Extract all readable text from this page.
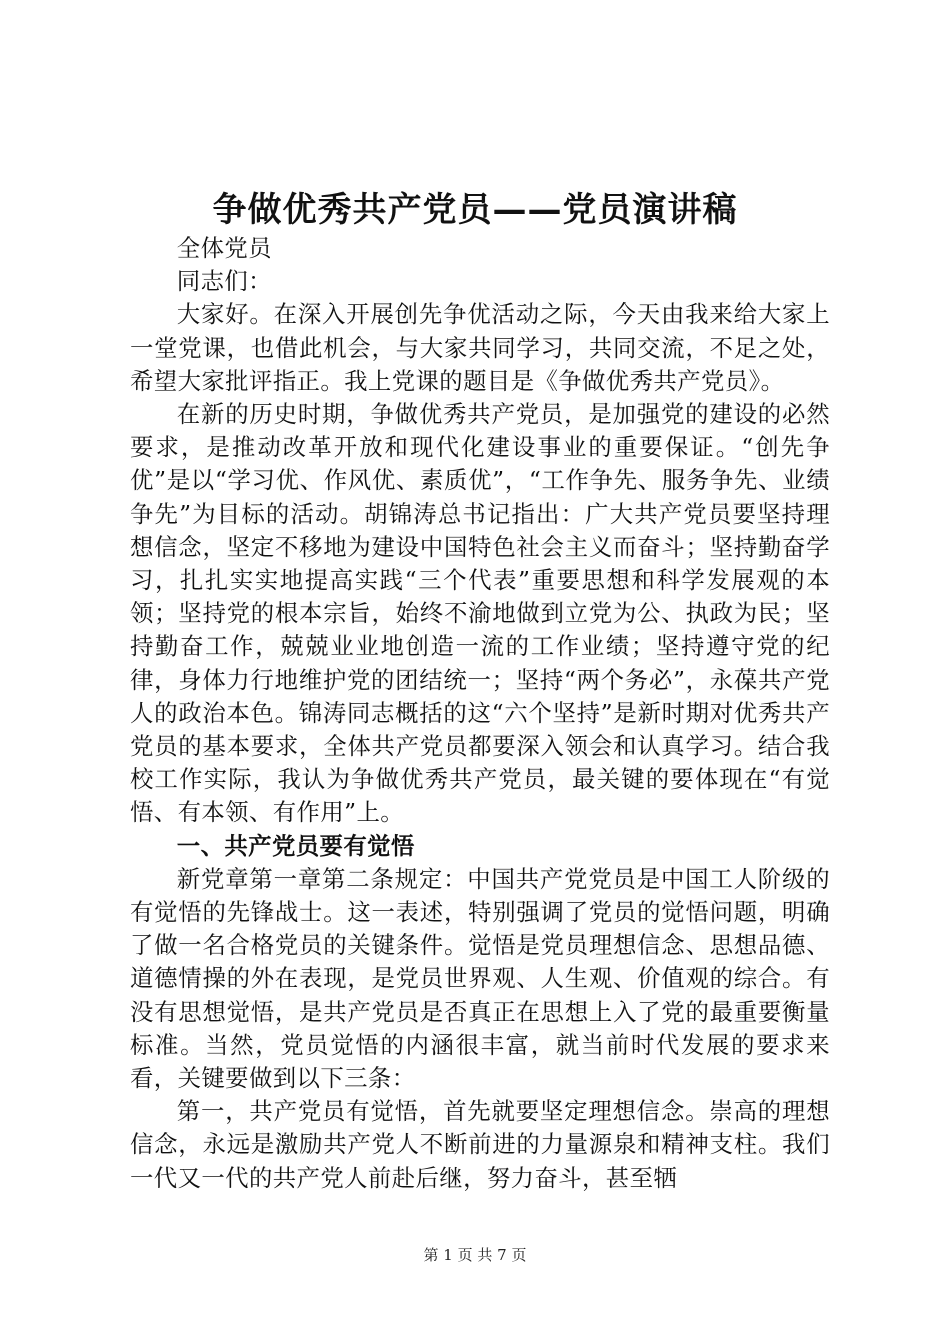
争做优秀共产党员——党员演讲稿

全体党员

同志们：

大家好。在深入开展创先争优活动之际，今天由我来给大家上一堂党课，也借此机会，与大家共同学习，共同交流，不足之处，希望大家批评指正。我上党课的题目是《争做优秀共产党员》。

在新的历史时期，争做优秀共产党员，是加强党的建设的必然要求，是推动改革开放和现代化建设事业的重要保证。“创先争优”是以“学习优、作风优、素质优”，“工作争先、服务争先、业绩争先”为目标的活动。胡锦涛总书记指出：广大共产党员要坚持理想信念，坚定不移地为建设中国特色社会主义而奋斗；坚持勤奋学习，扎扎实实地提高实践“三个代表”重要思想和科学发展观的本领；坚持党的根本宗旨，始终不渝地做到立党为公、执政为民；坚持勤奋工作，兢兢业业地创造一流的工作业绩；坚持遵守党的纪律，身体力行地维护党的团结统一；坚持“两个务必”，永葆共产党人的政治本色。锦涛同志概括的这“六个坚持”是新时期对优秀共产党员的基本要求，全体共产党员都要深入领会和认真学习。结合我校工作实际，我认为争做优秀共产党员，最关键的要体现在“有觉悟、有本领、有作用”上。

一、共产党员要有觉悟

新党章第一章第二条规定：中国共产党党员是中国工人阶级的有觉悟的先锋战士。这一表述，特别强调了党员的觉悟问题，明确了做一名合格党员的关键条件。觉悟是党员理想信念、思想品德、道德情操的外在表现，是党员世界观、人生观、价值观的综合。有没有思想觉悟，是共产党员是否真正在思想上入了党的最重要衡量标准。当然，党员觉悟的内涵很丰富，就当前时代发展的要求来看，关键要做到以下三条：

第一，共产党员有觉悟，首先就要坚定理想信念。崇高的理想信念，永远是激励共产党人不断前进的力量源泉和精神支柱。我们一代又一代的共产党人前赴后继，努力奋斗，甚至牺

第 1 页 共 7 页
